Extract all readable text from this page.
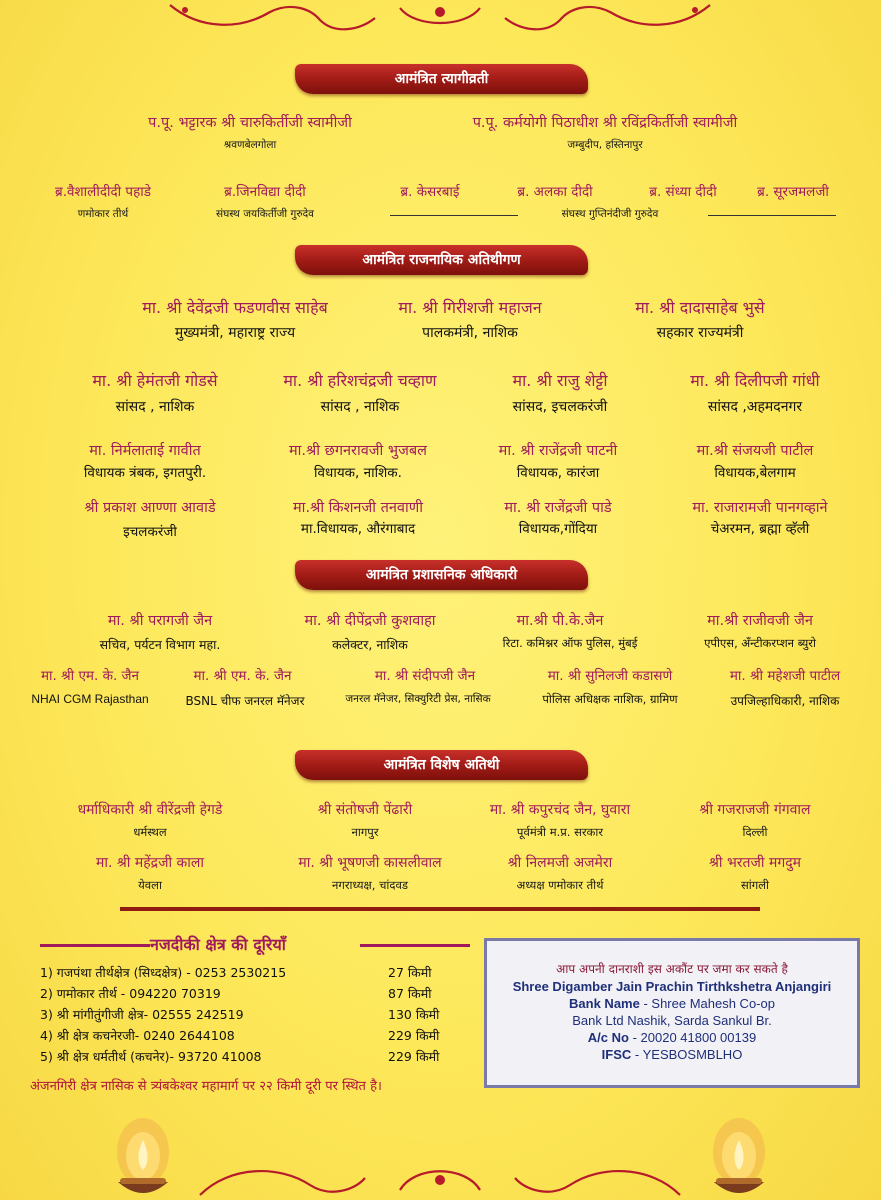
आमंत्रित त्यागीव्रती
प.पू. भट्टारक श्री चारुकिर्तीजी स्वामीजी
श्रवणबेलगोला
प.पू. कर्मयोगी पिठाधीश श्री रविंद्रकिर्तीजी स्वामीजी
जम्बुदीप, हस्तिनापुर
ब्र.वैशालीदीदी पहाडे
णमोकार तीर्थ
ब्र.जिनविद्या दीदी
संघस्थ जयकिर्तीजी गुरुदेव
ब्र. केसरबाई	ब्र. अलका दीदी
संघस्थ गुप्तिनंदीजी गुरुदेव
ब्र. संध्या दीदी	ब्र. सूरजमलजी
आमंत्रित राजनायिक अतिथीगण
मा. श्री देवेंद्रजी फडणवीस साहेब
मुख्यमंत्री, महाराष्ट्र राज्य
मा. श्री गिरीशजी महाजन
पालकमंत्री, नाशिक
मा. श्री दादासाहेब भुसे
सहकार राज्यमंत्री
मा. श्री हेमंतजी गोडसे
सांसद , नाशिक
मा. श्री हरिशचंद्रजी चव्हाण
सांसद , नाशिक
मा. श्री राजु शेट्टी
सांसद, इचलकरंजी
मा. श्री दिलीपजी गांधी
सांसद ,अहमदनगर
मा. निर्मलाताई गावीत
विधायक त्रंबक, इगतपुरी.
मा.श्री छगनरावजी भुजबल
विधायक, नाशिक.
मा. श्री राजेंद्रजी पाटनी
विधायक, कारंजा
मा.श्री संजयजी पाटील
विधायक,बेलगाम
श्री प्रकाश आण्णा आवाडे
इचलकरंजी
मा.श्री किशनजी तनवाणी
मा.विधायक, औरंगाबाद
मा. श्री राजेंद्रजी पाडे
विधायक,गोंदिया
मा. राजारामजी पानगव्हाने
चेअरमन, ब्रह्मा व्हॅली
आमंत्रित प्रशासनिक अधिकारी
मा. श्री परागजी जैन
सचिव, पर्यटन विभाग महा.
मा. श्री दीपेंद्रजी कुशवाहा
कलेक्टर, नाशिक
मा.श्री पी.के.जैन
रिटा. कमिश्नर ऑफ पुलिस, मुंबई
मा.श्री राजीवजी जैन
एपीएस, अँन्टीकरप्शन ब्युरो
मा. श्री एम. के. जैन
NHAI CGM Rajasthan
मा. श्री एम. के. जैन
BSNL चीफ जनरल मॅनेजर
मा. श्री संदीपजी जैन
जनरल मॅनेजर, सिक्युरिटी प्रेस, नासिक
मा. श्री सुनिलजी कडासणे
पोलिस अधिक्षक नाशिक, ग्रामिण
मा. श्री महेशजी पाटील
उपजिल्हाधिकारी, नाशिक
आमंत्रित विशेष अतिथी
धर्माधिकारी श्री वीरेंद्रजी हेगडे
धर्मस्थल
श्री संतोषजी पेंढारी
नागपुर
मा. श्री कपुरचंद जैन, घुवारा
पूर्वमंत्री म.प्र. सरकार
श्री गजराजजी गंगवाल
दिल्ली
मा. श्री महेंद्रजी काला
येवला
मा. श्री भूषणजी कासलीवाल
नगराध्यक्ष, चांदवड
श्री निलमजी अजमेरा
अध्यक्ष णमोकार तीर्थ
श्री भरतजी मगदुम
सांगली
नजदीकी क्षेत्र की दूरियाँ
1) गजपंथा तीर्थक्षेत्र (सिध्दक्षेत्र) - 0253 2530215	27 किमी
2) णमोकार तीर्थ - 094220 70319	87 किमी
3) श्री मांगीतुंगीजी क्षेत्र- 02555 242519	130 किमी
4) श्री क्षेत्र कचनेरजी- 0240 2644108	229 किमी
5) श्री क्षेत्र धर्मतीर्थ (कचनेर)- 93720 41008	229 किमी
अंजनगिरी क्षेत्र नासिक से त्र्यंबकेश्वर महामार्ग पर २२ किमी दूरी पर स्थित है।
आप अपनी दानराशी इस अकौंट पर जमा कर सकते है
Shree Digamber Jain Prachin Tirthkshetra Anjangiri
Bank Name - Shree Mahesh Co-op
Bank Ltd Nashik, Sarda Sankul Br.
A/c No - 20020 41800 00139
IFSC - YESBOSMBLHO
